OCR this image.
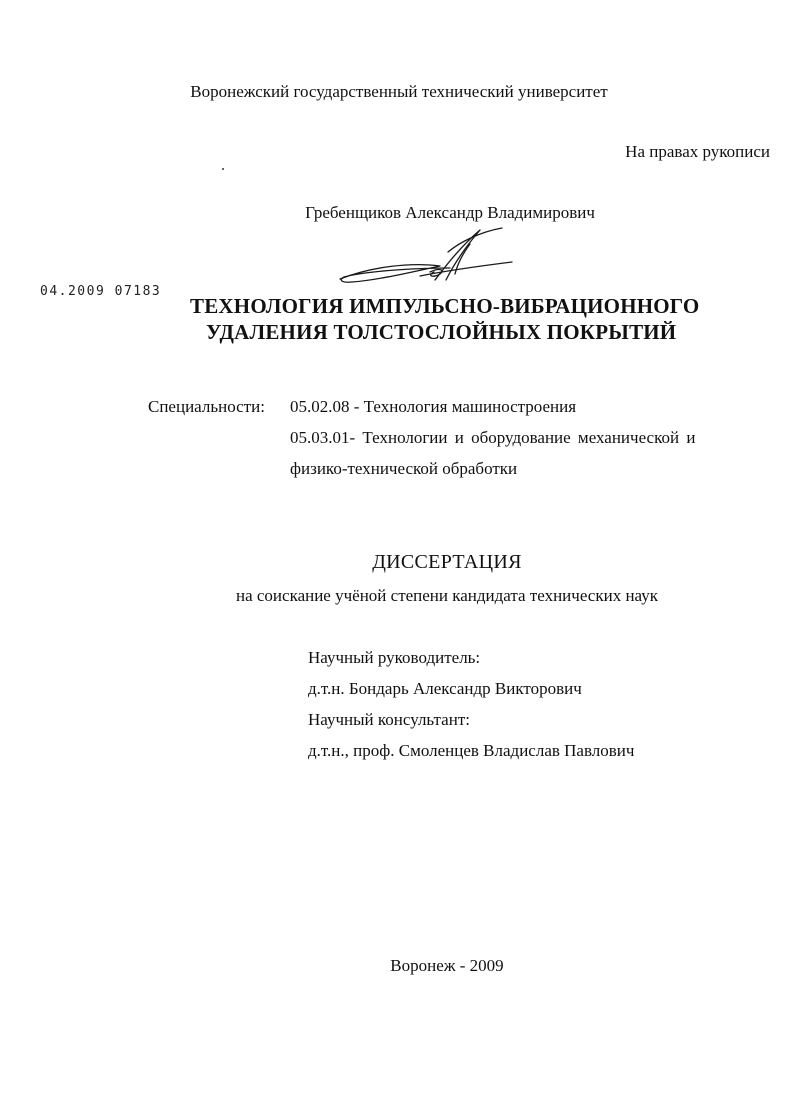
Воронежский государственный технический университет
На правах рукописи
Гребенщиков Александр Владимирович
04.2009 07183
ТЕХНОЛОГИЯ ИМПУЛЬСНО-ВИБРАЦИОННОГО
УДАЛЕНИЯ ТОЛСТОСЛОЙНЫХ ПОКРЫТИЙ
Специальности: 05.02.08 - Технология машиностроения
05.03.01- Технологии и оборудование механической и
физико-технической обработки
ДИССЕРТАЦИЯ
на соискание учёной степени кандидата технических наук
Научный руководитель:
д.т.н. Бондарь Александр Викторович
Научный консультант:
д.т.н., проф. Смоленцев Владислав Павлович
Воронеж - 2009
